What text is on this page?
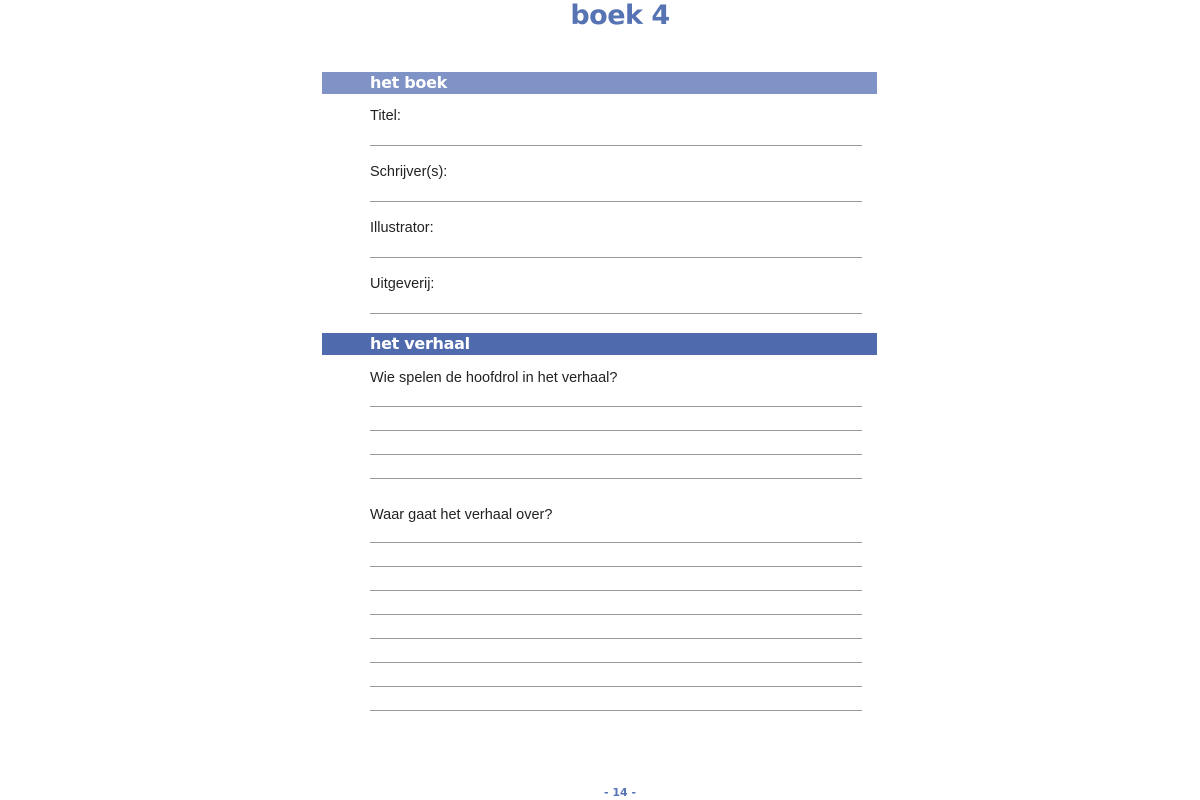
boek 4
het boek
Titel:
Schrijver(s):
Illustrator:
Uitgeverij:
het verhaal
Wie spelen de hoofdrol in het verhaal?
Waar gaat het verhaal over?
- 14 -
